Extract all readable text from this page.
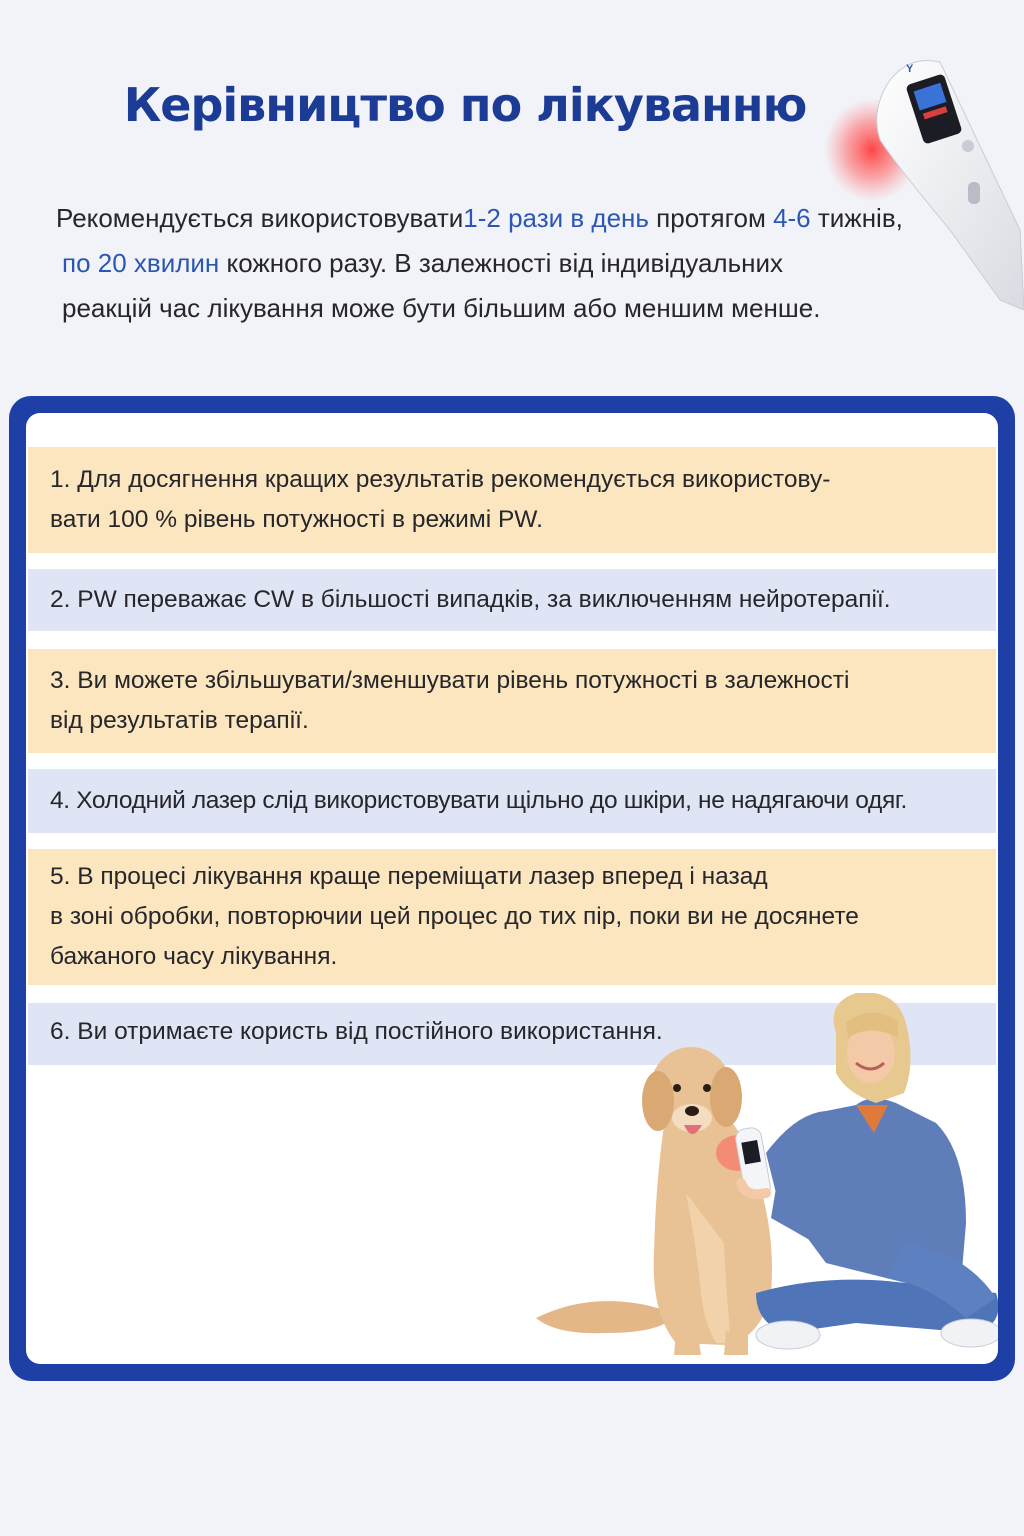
Керівництво по лікуванню
Y
Рекомендується використовувати1-2 рази в день протягом 4-6 тижнів,
по 20 хвилин кожного разу. В залежності від індивідуальних
реакцій час лікування може бути більшим або меншим менше.
1. Для досягнення кращих результатів рекомендується використову-
вати 100 % рівень потужності в режимі PW.
2. PW переважає CW в більшості випадків, за виключенням нейротерапії.
3. Ви можете збільшувати/зменшувати рівень потужності в залежності
від результатів терапії.
4. Холодний лазер слід використовувати щільно до шкіри, не надягаючи одяг.
5. В процесі лікування краще переміщати лазер вперед і назад
в зоні обробки, повторючии цей процес до тих пір, поки ви не досянете
бажаного часу лікування.
6. Ви отримаєте користь від постійного використання.
